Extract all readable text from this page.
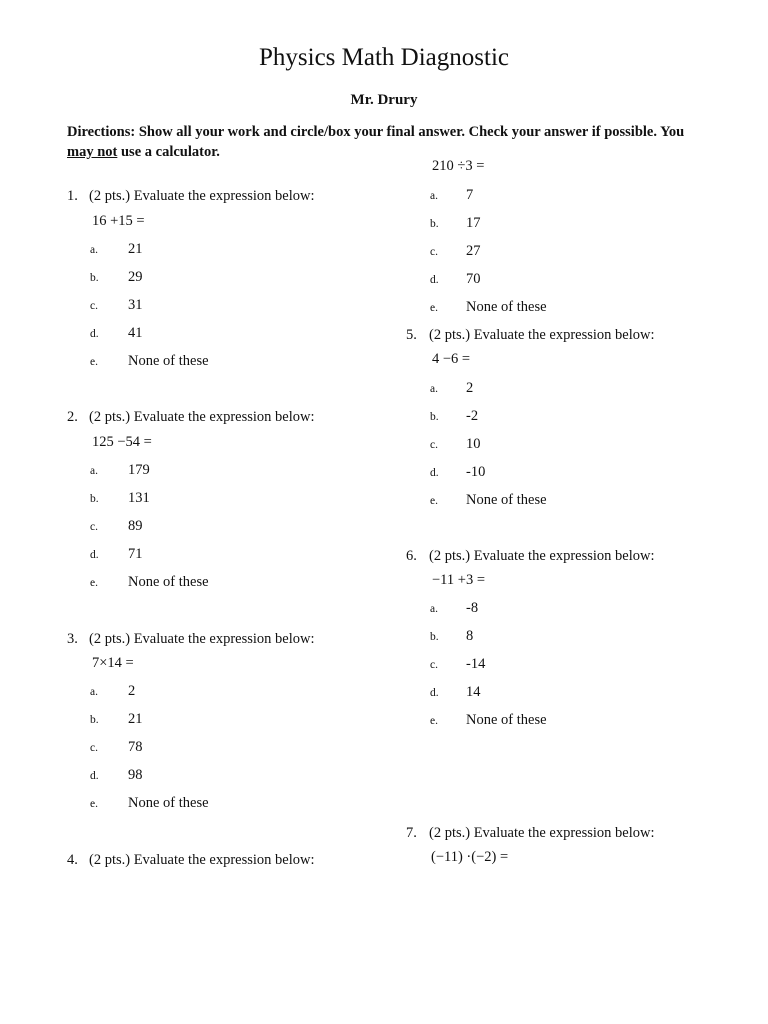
Physics Math Diagnostic
Mr. Drury
Directions: Show all your work and circle/box your final answer. Check your answer if possible. You may not use a calculator.
1. (2 pts.) Evaluate the expression below:
16 +15 =
a. 21
b. 29
c. 31
d. 41
e. None of these
2. (2 pts.) Evaluate the expression below:
125 −54 =
a. 179
b. 131
c. 89
d. 71
e. None of these
3. (2 pts.) Evaluate the expression below:
7×14 =
a. 2
b. 21
c. 78
d. 98
e. None of these
4. (2 pts.) Evaluate the expression below:
210 ÷3 =
a. 7
b. 17
c. 27
d. 70
e. None of these
5. (2 pts.) Evaluate the expression below:
4 −6 =
a. 2
b. -2
c. 10
d. -10
e. None of these
6. (2 pts.) Evaluate the expression below:
−11 +3 =
a. -8
b. 8
c. -14
d. 14
e. None of these
7. (2 pts.) Evaluate the expression below:
(−11) ·(−2) =
